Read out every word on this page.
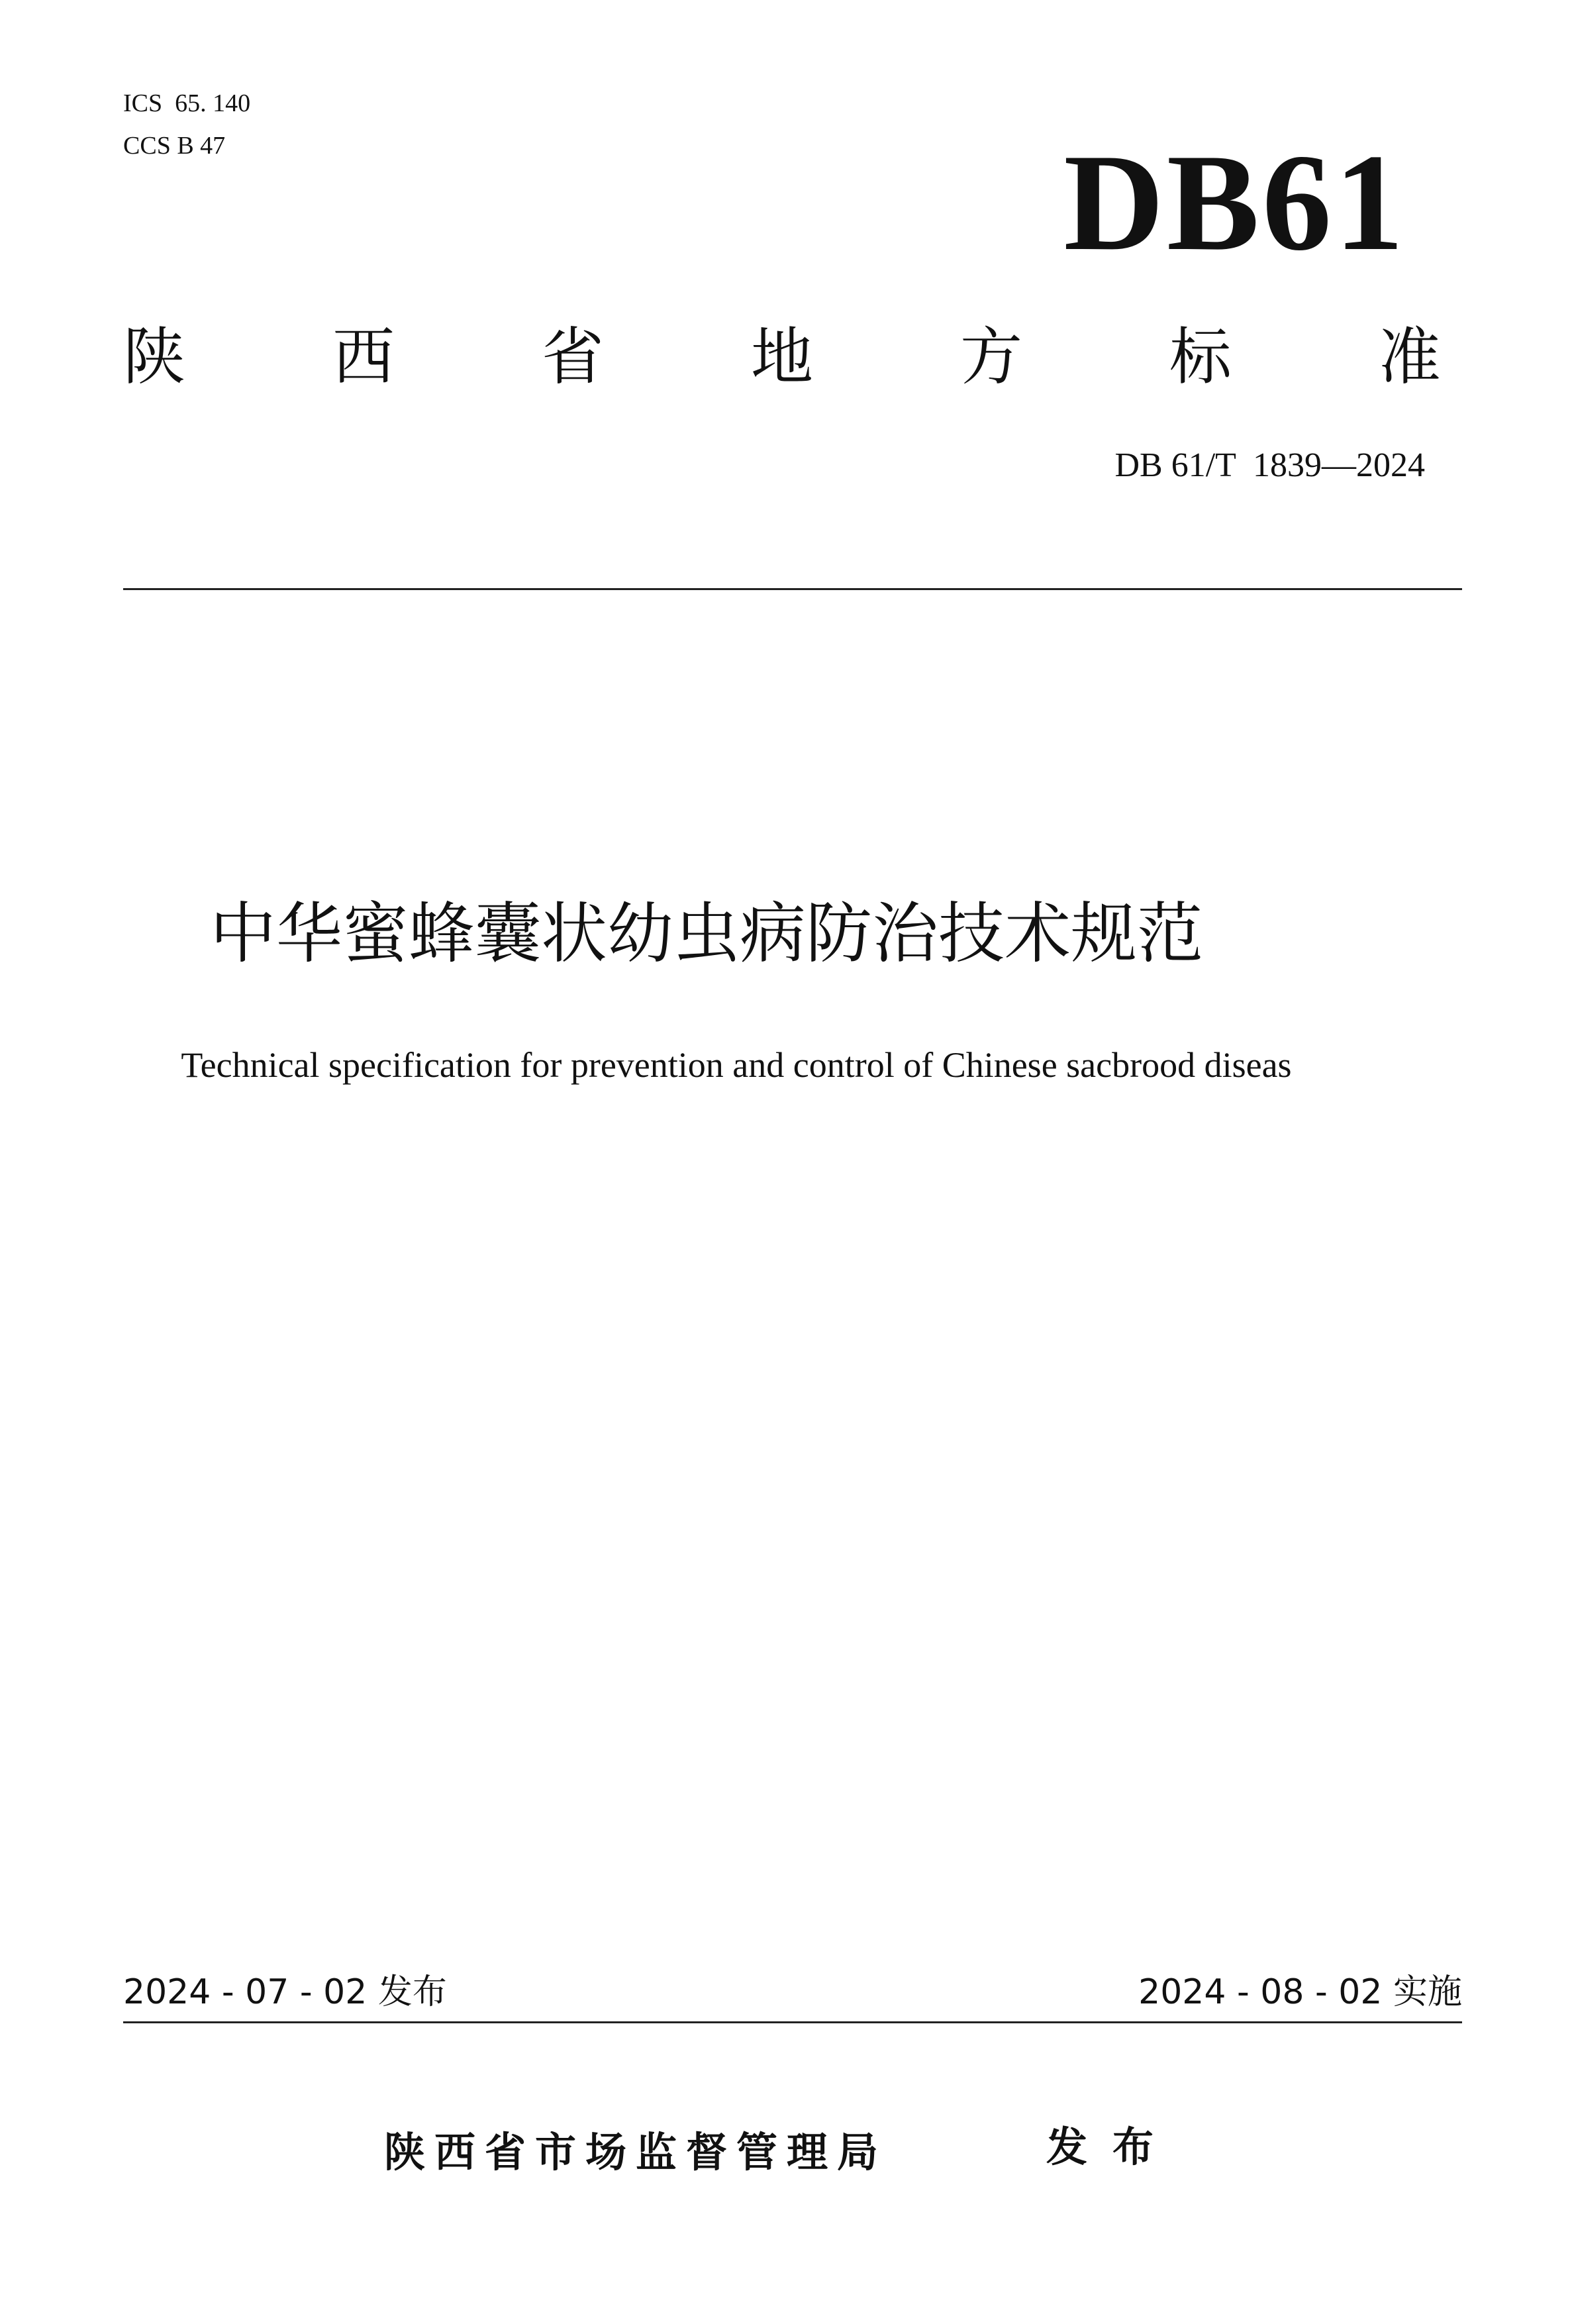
ICS  65. 140
CCS B 47	DB61
陕 西 省 地 方 标 准
DB 61/T  1839—2024
中华蜜蜂囊状幼虫病防治技术规范
Technical specification for prevention and control of Chinese sacbrood diseas
2024 - 07 - 02 发布	2024 - 08 - 02 实施
陕西省市场监督管理局	发布
